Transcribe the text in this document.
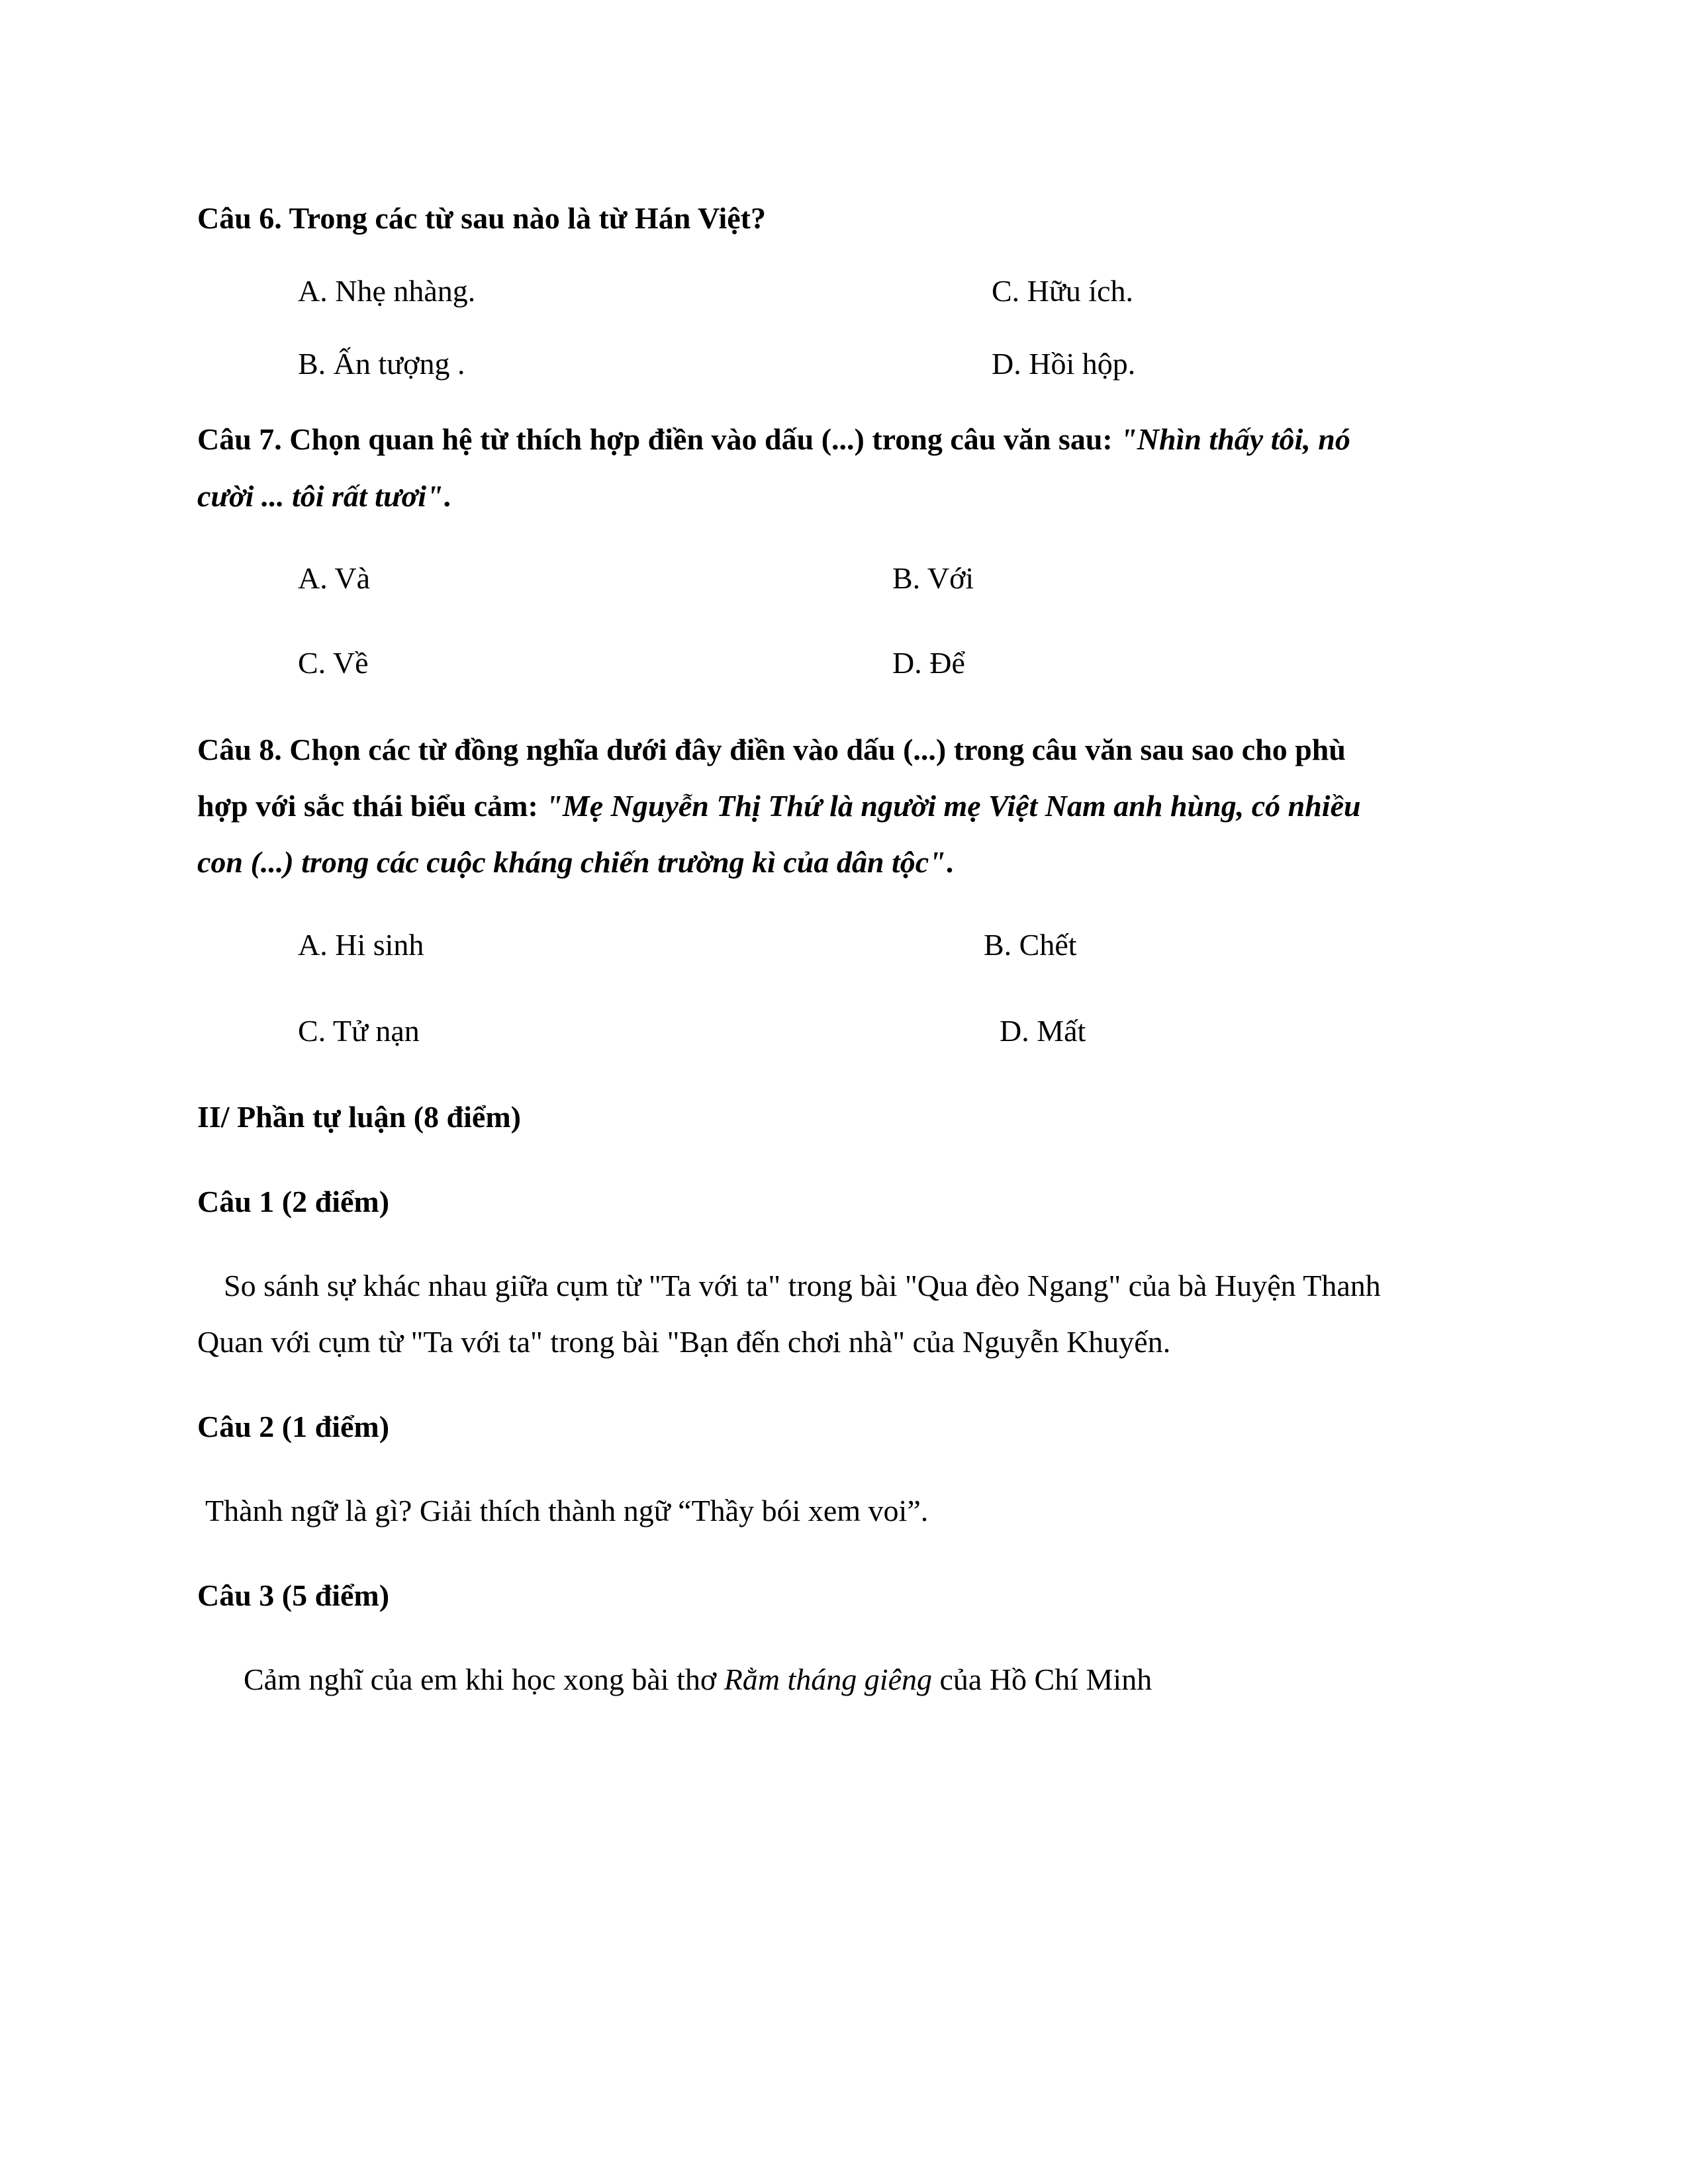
Câu 6. Trong các từ sau nào là từ Hán Việt?
A. Nhẹ nhàng.	C. Hữu ích.
B. Ấn tượng .	D. Hồi hộp.
Câu 7. Chọn quan hệ từ thích hợp điền vào dấu (...) trong câu văn sau: "Nhìn thấy tôi, nó
cười ... tôi rất tươi".
A. Và	B. Với
C. Về	D. Để
Câu 8. Chọn các từ đồng nghĩa dưới đây điền vào dấu (...) trong câu văn sau sao cho phù
hợp với sắc thái biểu cảm: "Mẹ Nguyễn Thị Thứ là người mẹ Việt Nam anh hùng, có nhiều
con (...) trong các cuộc kháng chiến trường kì của dân tộc".
A. Hi sinh	B. Chết
C. Tử nạn	D. Mất
II/ Phần tự luận (8 điểm)
Câu 1 (2 điểm)
So sánh sự khác nhau giữa cụm từ "Ta với ta" trong bài "Qua đèo Ngang" của bà Huyện Thanh
Quan với cụm từ "Ta với ta" trong bài "Bạn đến chơi nhà" của Nguyễn Khuyến.
Câu 2 (1 điểm)
Thành ngữ là gì? Giải thích thành ngữ “Thầy bói xem voi”.
Câu 3 (5 điểm)
Cảm nghĩ của em khi học xong bài thơ Rằm tháng giêng của Hồ Chí Minh
